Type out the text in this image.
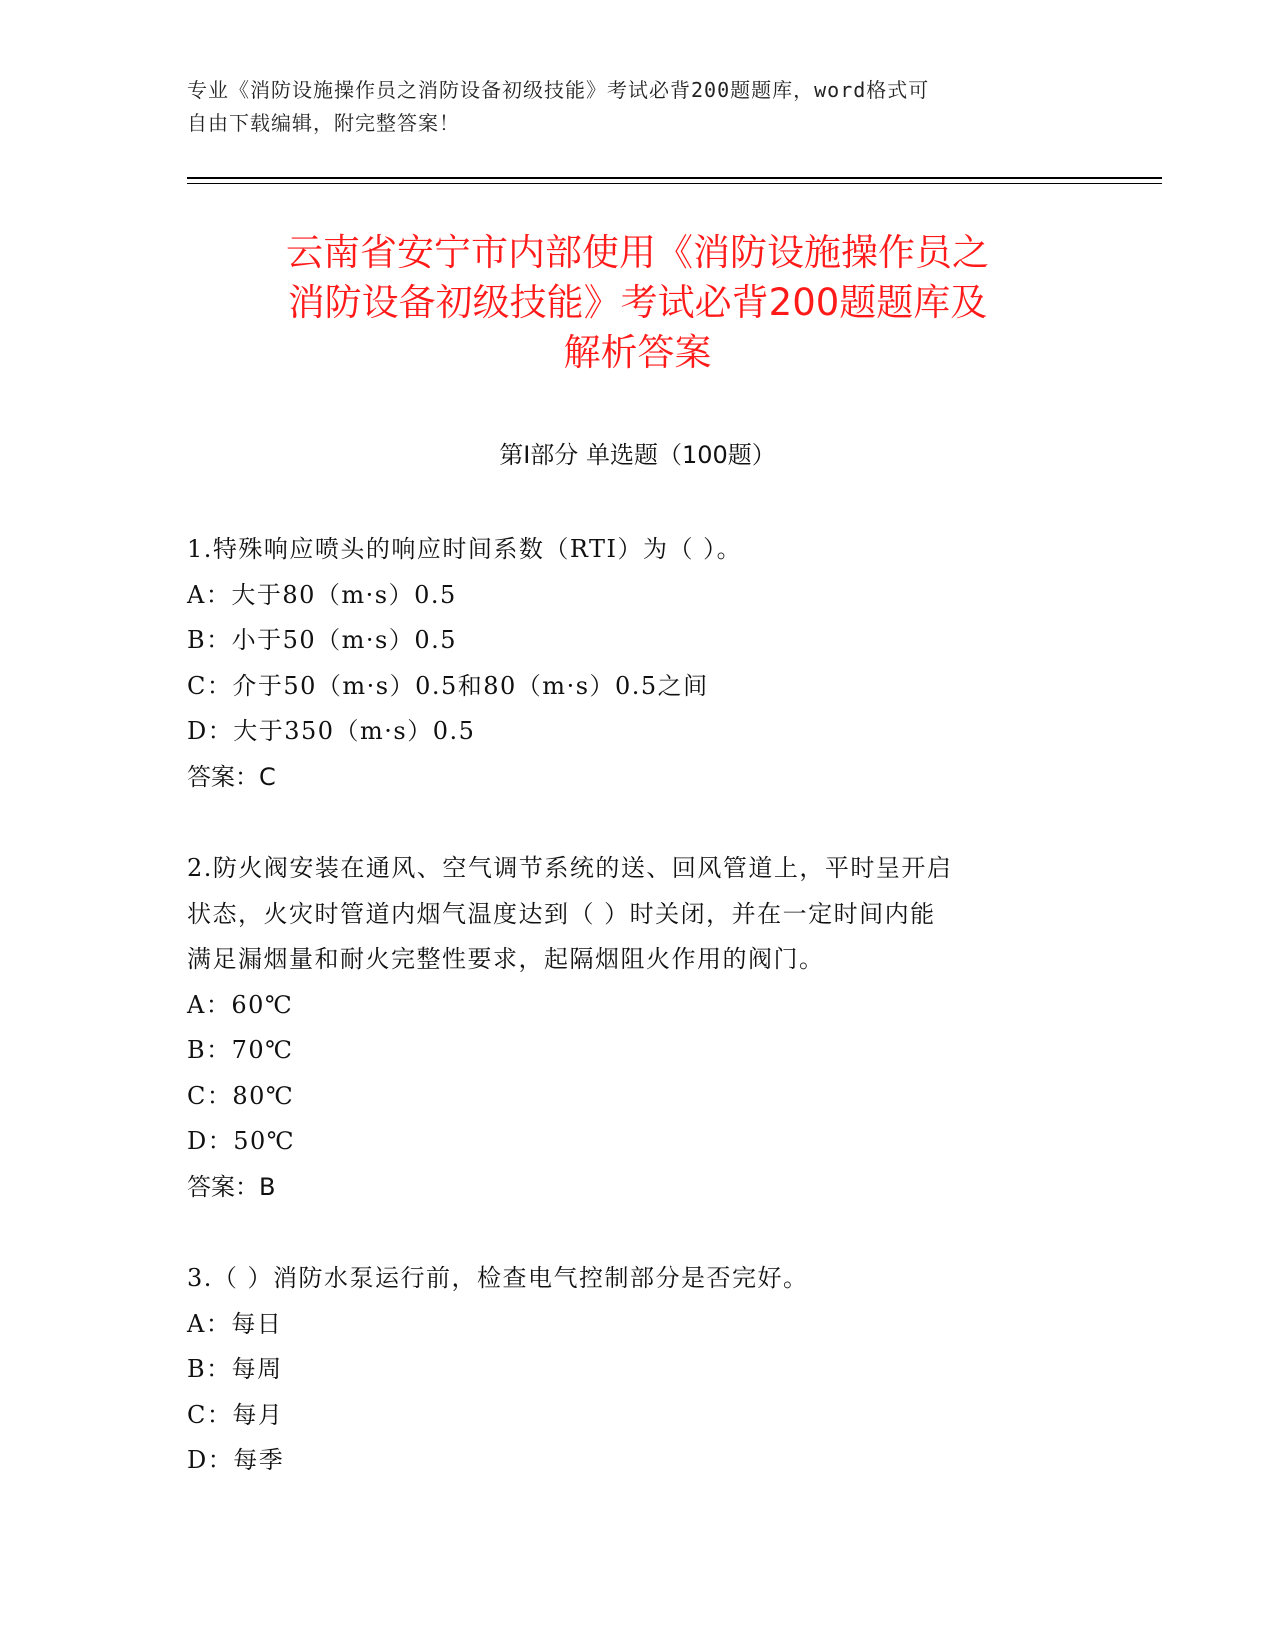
专业《消防设施操作员之消防设备初级技能》考试必背200题题库，word格式可
自由下载编辑，附完整答案！
云南省安宁市内部使用《消防设施操作员之
消防设备初级技能》考试必背200题题库及
解析答案
第I部分 单选题（100题）
1.特殊响应喷头的响应时间系数（RTI）为（ ）。
A：大于80（m·s）0.5
B：小于50（m·s）0.5
C：介于50（m·s）0.5和80（m·s）0.5之间
D：大于350（m·s）0.5
答案：C
2.防火阀安装在通风、空气调节系统的送、回风管道上，平时呈开启
状态，火灾时管道内烟气温度达到（ ）时关闭，并在一定时间内能
满足漏烟量和耐火完整性要求，起隔烟阻火作用的阀门。
A：60℃
B：70℃
C：80℃
D：50℃
答案：B
3.（ ）消防水泵运行前，检查电气控制部分是否完好。
A：每日
B：每周
C：每月
D：每季
